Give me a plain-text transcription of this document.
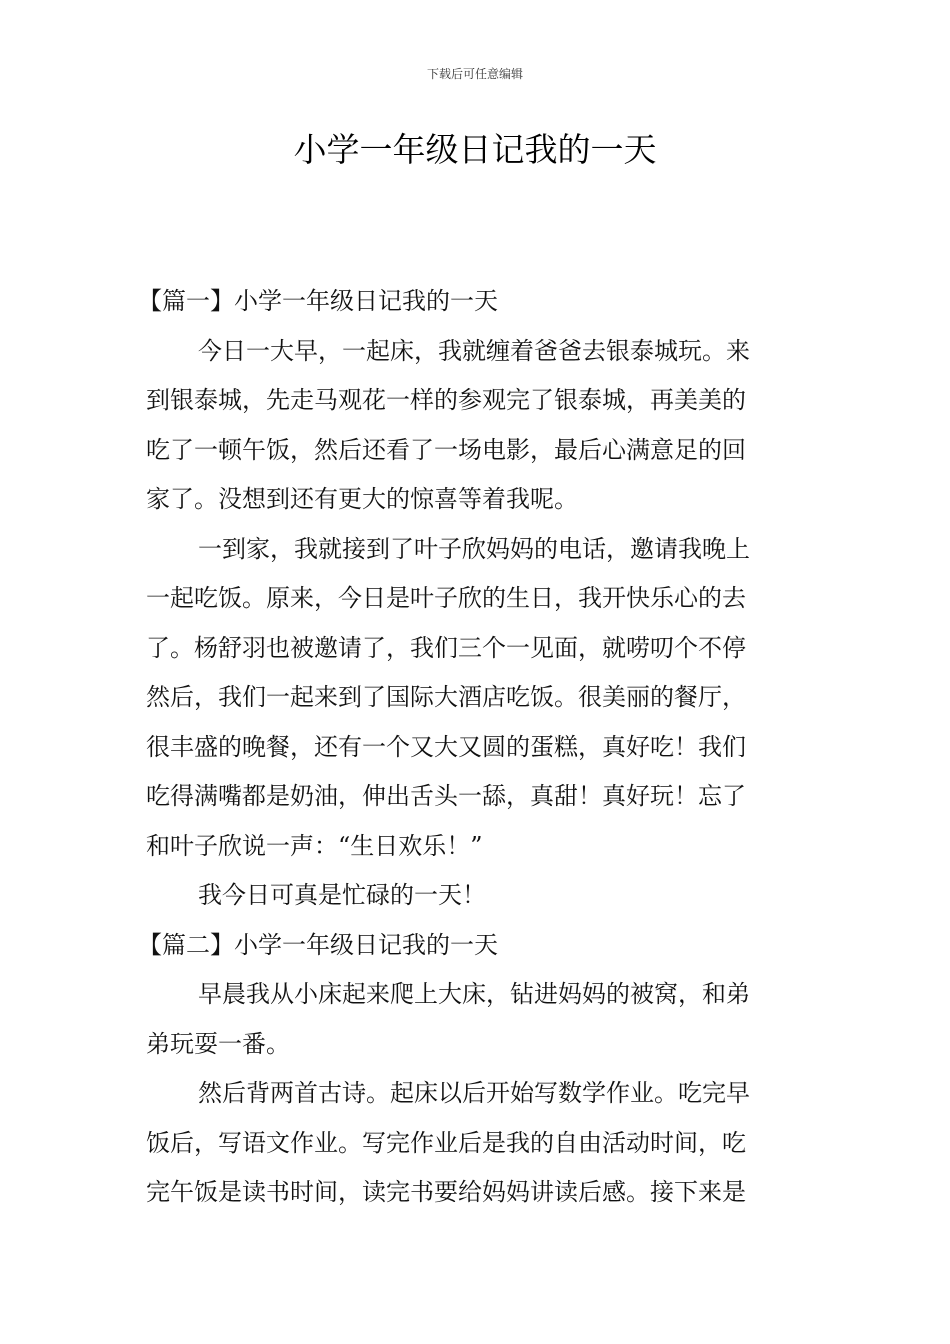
下载后可任意编辑
小学一年级日记我的一天
【篇一】小学一年级日记我的一天
今日一大早，一起床，我就缠着爸爸去银泰城玩。来
到银泰城，先走马观花一样的参观完了银泰城，再美美的
吃了一顿午饭，然后还看了一场电影，最后心满意足的回
家了。没想到还有更大的惊喜等着我呢。
一到家，我就接到了叶子欣妈妈的电话，邀请我晚上
一起吃饭。原来，今日是叶子欣的生日，我开快乐心的去
了。杨舒羽也被邀请了，我们三个一见面，就唠叨个不停
然后，我们一起来到了国际大酒店吃饭。很美丽的餐厅，
很丰盛的晚餐，还有一个又大又圆的蛋糕，真好吃！我们
吃得满嘴都是奶油，伸出舌头一舔，真甜！真好玩！忘了
和叶子欣说一声：“生日欢乐！”
我今日可真是忙碌的一天！
【篇二】小学一年级日记我的一天
早晨我从小床起来爬上大床，钻进妈妈的被窝，和弟
弟玩耍一番。
然后背两首古诗。起床以后开始写数学作业。吃完早
饭后，写语文作业。写完作业后是我的自由活动时间，吃
完午饭是读书时间，读完书要给妈妈讲读后感。接下来是
